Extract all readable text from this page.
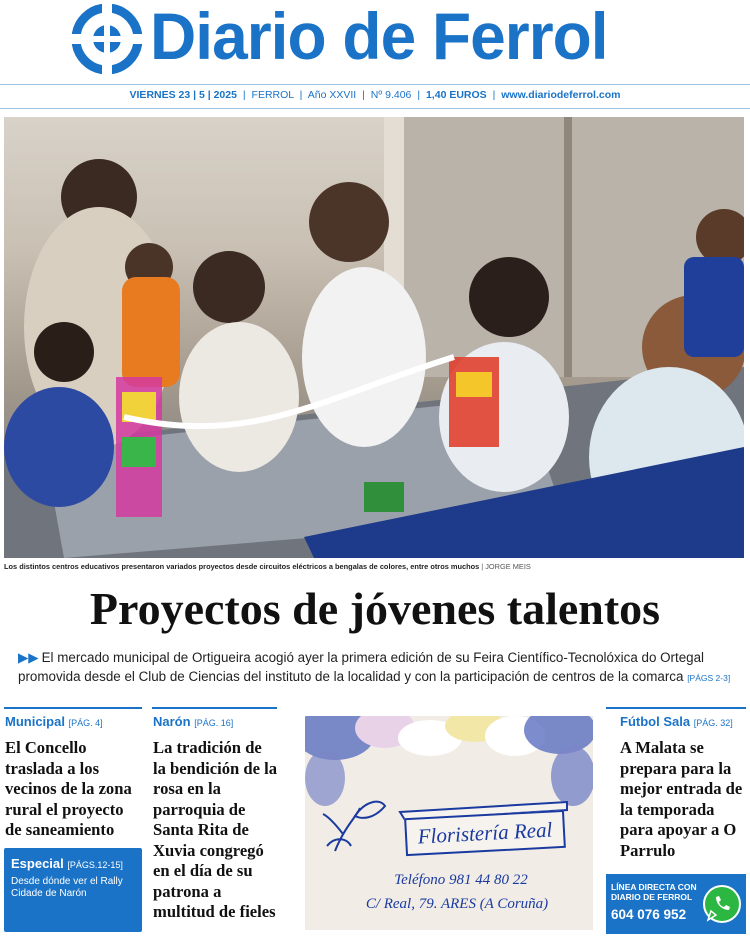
Diario de Ferrol
VIERNES 23 | 5 | 2025 | FERROL | Año XXVII | Nº 9.406 | 1,40 EUROS | www.diariodeferrol.com
Los distintos centros educativos presentaron variados proyectos desde circuitos eléctricos a bengalas de colores, entre otros muchos | JORGE MEIS
Proyectos de jóvenes talentos
▶▶ El mercado municipal de Ortigueira acogió ayer la primera edición de su Feira Científico-Tecnolóxica do Ortegal promovida desde el Club de Ciencias del instituto de la localidad y con la participación de centros de la comarca [PÁGS 2-3]
Municipal [PÁG. 4]
El Concello traslada a los vecinos de la zona rural el proyecto de saneamiento
Especial [PÁGS.12-15]
Desde dónde ver el Rally Cidade de Narón
Narón [PÁG. 16]
La tradición de la bendición de la rosa en la parroquia de Santa Rita de Xuvia congregó en el día de su patrona a multitud de fieles
Floristería Real
Teléfono 981 44 80 22
C/ Real, 79. ARES (A Coruña)
Fútbol Sala [PÁG. 32]
A Malata se prepara para la mejor entrada de la temporada para apoyar a O Parrulo
LÍNEA DIRECTA CON DIARIO DE FERROL
604 076 952
